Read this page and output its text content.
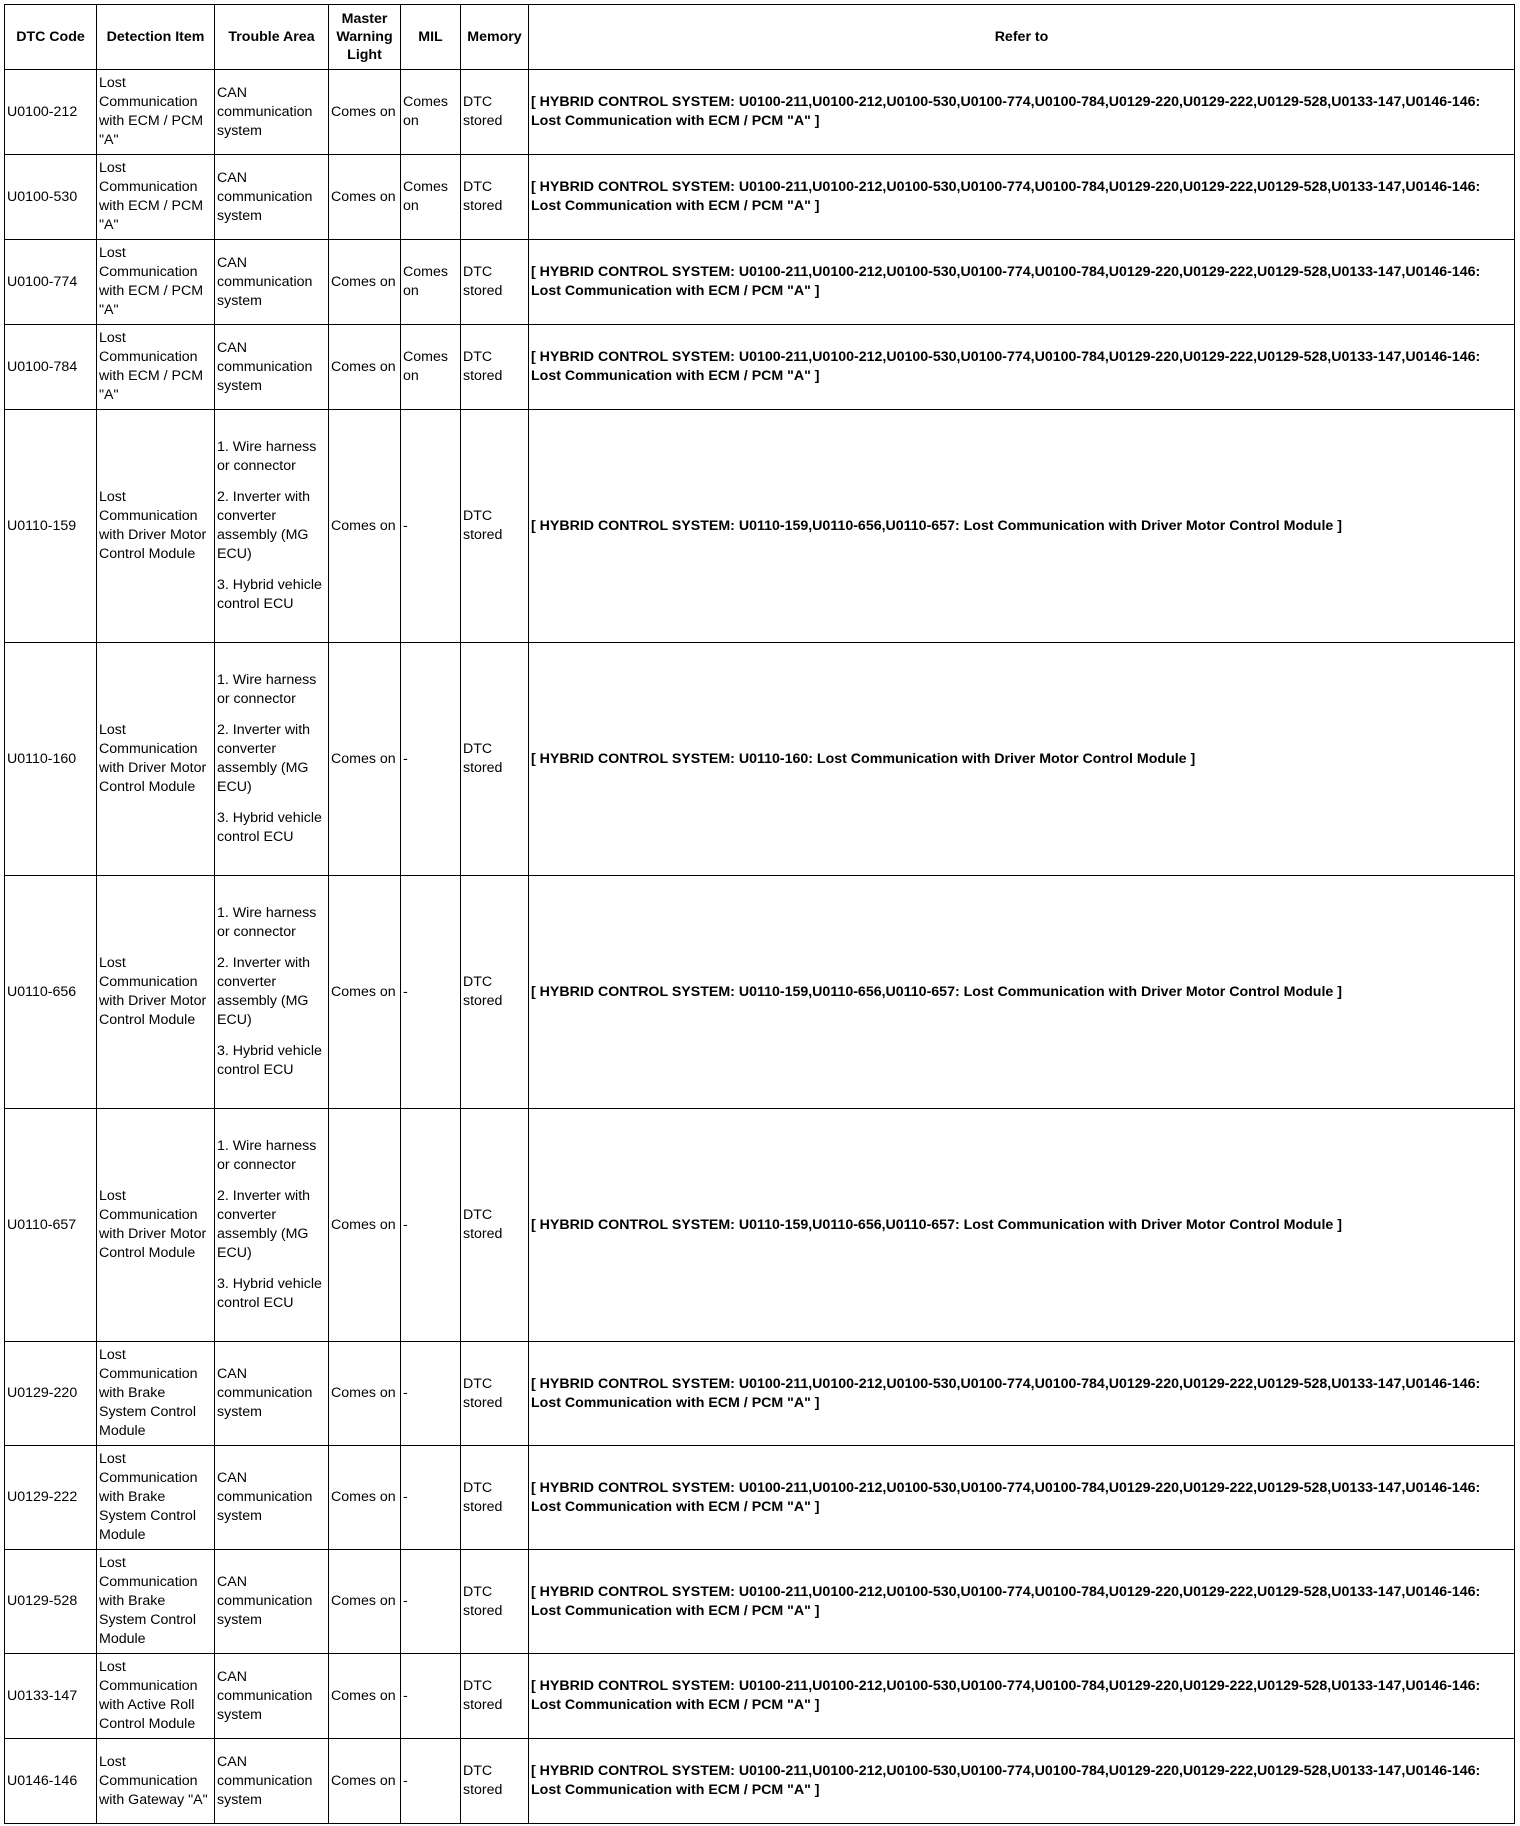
DTC Code	Detection Item	Trouble Area	Master Warning Light	MIL	Memory	Refer to
U0100-212	Lost Communication with ECM / PCM "A"	CAN communication system	Comes on	Comes on	DTC stored	[ HYBRID CONTROL SYSTEM: U0100-211,U0100-212,U0100-530,U0100-774,U0100-784,U0129-220,U0129-222,U0129-528,U0133-147,U0146-146: Lost Communication with ECM / PCM "A" ]
U0100-530	Lost Communication with ECM / PCM "A"	CAN communication system	Comes on	Comes on	DTC stored	[ HYBRID CONTROL SYSTEM: U0100-211,U0100-212,U0100-530,U0100-774,U0100-784,U0129-220,U0129-222,U0129-528,U0133-147,U0146-146: Lost Communication with ECM / PCM "A" ]
U0100-774	Lost Communication with ECM / PCM "A"	CAN communication system	Comes on	Comes on	DTC stored	[ HYBRID CONTROL SYSTEM: U0100-211,U0100-212,U0100-530,U0100-774,U0100-784,U0129-220,U0129-222,U0129-528,U0133-147,U0146-146: Lost Communication with ECM / PCM "A" ]
U0100-784	Lost Communication with ECM / PCM "A"	CAN communication system	Comes on	Comes on	DTC stored	[ HYBRID CONTROL SYSTEM: U0100-211,U0100-212,U0100-530,U0100-774,U0100-784,U0129-220,U0129-222,U0129-528,U0133-147,U0146-146: Lost Communication with ECM / PCM "A" ]
U0110-159	Lost Communication with Driver Motor Control Module	1. Wire harness or connector
2. Inverter with converter assembly (MG ECU)
3. Hybrid vehicle control ECU	Comes on	-	DTC stored	[ HYBRID CONTROL SYSTEM: U0110-159,U0110-656,U0110-657: Lost Communication with Driver Motor Control Module ]
U0110-160	Lost Communication with Driver Motor Control Module	1. Wire harness or connector
2. Inverter with converter assembly (MG ECU)
3. Hybrid vehicle control ECU	Comes on	-	DTC stored	[ HYBRID CONTROL SYSTEM: U0110-160: Lost Communication with Driver Motor Control Module ]
U0110-656	Lost Communication with Driver Motor Control Module	1. Wire harness or connector
2. Inverter with converter assembly (MG ECU)
3. Hybrid vehicle control ECU	Comes on	-	DTC stored	[ HYBRID CONTROL SYSTEM: U0110-159,U0110-656,U0110-657: Lost Communication with Driver Motor Control Module ]
U0110-657	Lost Communication with Driver Motor Control Module	1. Wire harness or connector
2. Inverter with converter assembly (MG ECU)
3. Hybrid vehicle control ECU	Comes on	-	DTC stored	[ HYBRID CONTROL SYSTEM: U0110-159,U0110-656,U0110-657: Lost Communication with Driver Motor Control Module ]
U0129-220	Lost Communication with Brake System Control Module	CAN communication system	Comes on	-	DTC stored	[ HYBRID CONTROL SYSTEM: U0100-211,U0100-212,U0100-530,U0100-774,U0100-784,U0129-220,U0129-222,U0129-528,U0133-147,U0146-146: Lost Communication with ECM / PCM "A" ]
U0129-222	Lost Communication with Brake System Control Module	CAN communication system	Comes on	-	DTC stored	[ HYBRID CONTROL SYSTEM: U0100-211,U0100-212,U0100-530,U0100-774,U0100-784,U0129-220,U0129-222,U0129-528,U0133-147,U0146-146: Lost Communication with ECM / PCM "A" ]
U0129-528	Lost Communication with Brake System Control Module	CAN communication system	Comes on	-	DTC stored	[ HYBRID CONTROL SYSTEM: U0100-211,U0100-212,U0100-530,U0100-774,U0100-784,U0129-220,U0129-222,U0129-528,U0133-147,U0146-146: Lost Communication with ECM / PCM "A" ]
U0133-147	Lost Communication with Active Roll Control Module	CAN communication system	Comes on	-	DTC stored	[ HYBRID CONTROL SYSTEM: U0100-211,U0100-212,U0100-530,U0100-774,U0100-784,U0129-220,U0129-222,U0129-528,U0133-147,U0146-146: Lost Communication with ECM / PCM "A" ]
U0146-146	Lost Communication with Gateway "A"	CAN communication system	Comes on	-	DTC stored	[ HYBRID CONTROL SYSTEM: U0100-211,U0100-212,U0100-530,U0100-774,U0100-784,U0129-220,U0129-222,U0129-528,U0133-147,U0146-146: Lost Communication with ECM / PCM "A" ]
